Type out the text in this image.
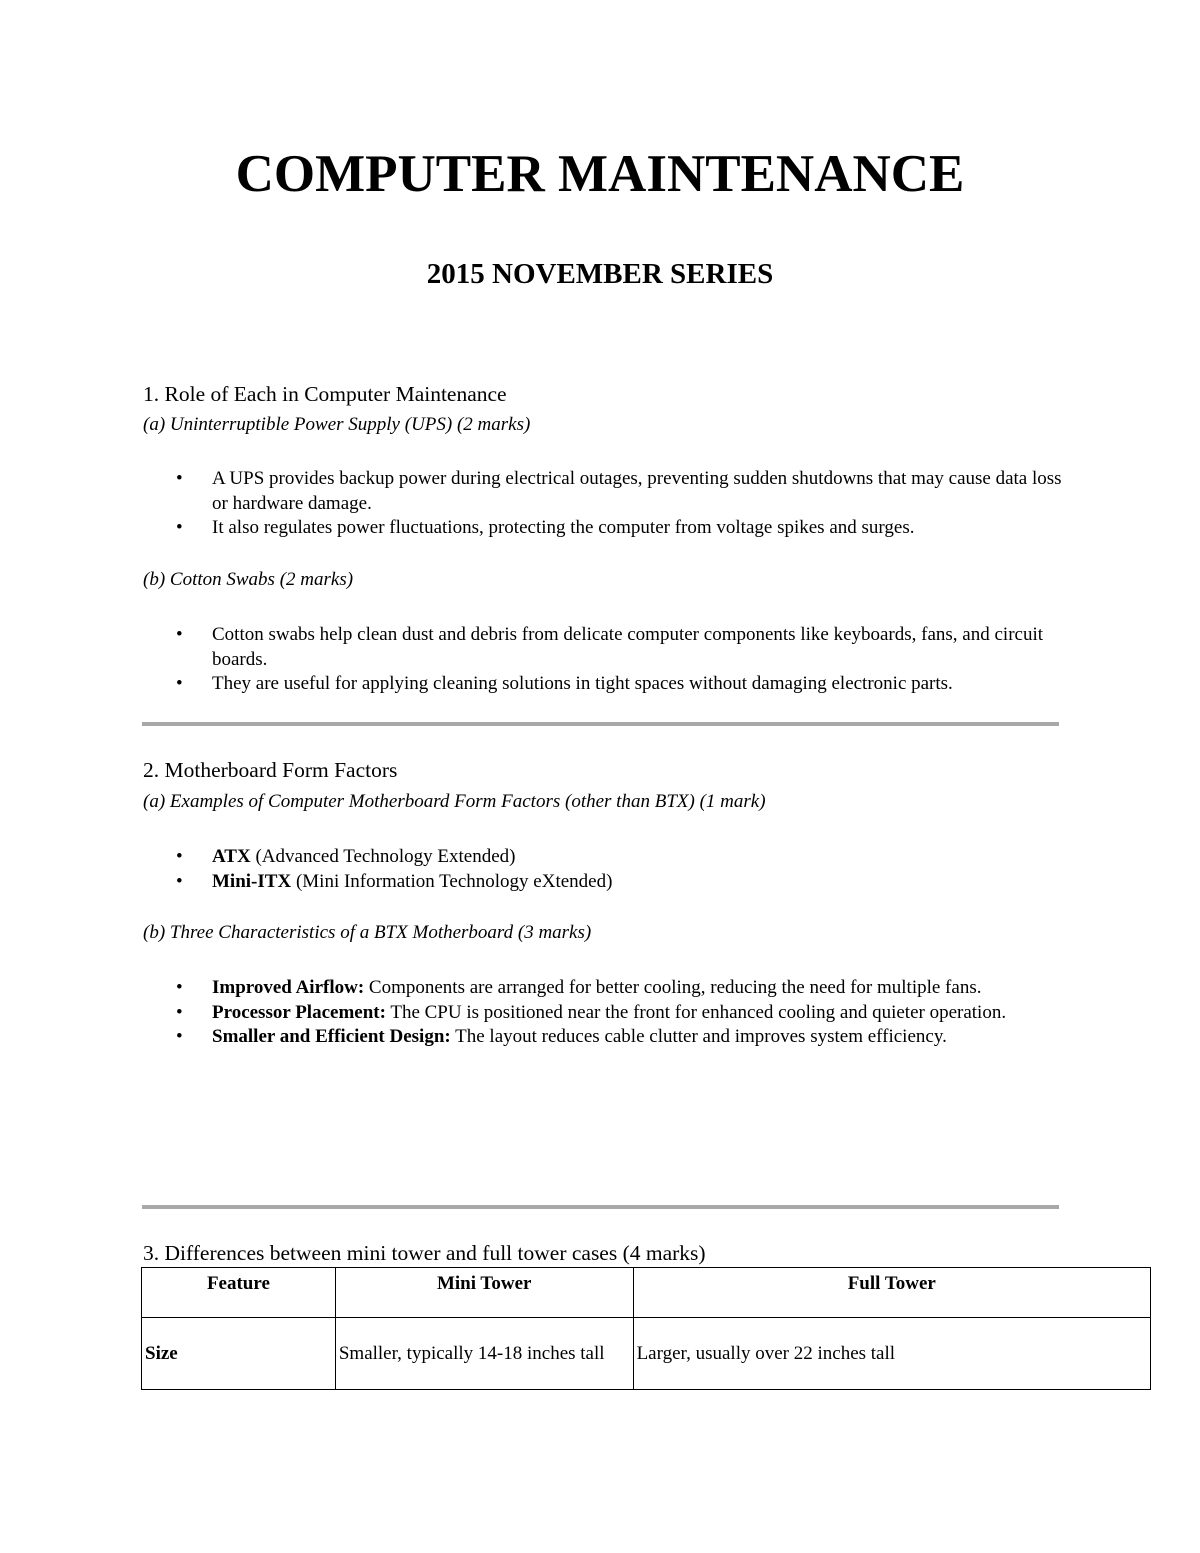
COMPUTER MAINTENANCE
2015 NOVEMBER SERIES
1. Role of Each in Computer Maintenance

(a) Uninterruptible Power Supply (UPS) (2 marks)

• A UPS provides backup power during electrical outages, preventing sudden shutdowns that may cause data loss or hardware damage.
• It also regulates power fluctuations, protecting the computer from voltage spikes and surges.

(b) Cotton Swabs (2 marks)

• Cotton swabs help clean dust and debris from delicate computer components like keyboards, fans, and circuit boards.
• They are useful for applying cleaning solutions in tight spaces without damaging electronic parts.
2. Motherboard Form Factors

(a) Examples of Computer Motherboard Form Factors (other than BTX) (1 mark)

• ATX (Advanced Technology Extended)
• Mini-ITX (Mini Information Technology eXtended)

(b) Three Characteristics of a BTX Motherboard (3 marks)

• Improved Airflow: Components are arranged for better cooling, reducing the need for multiple fans.
• Processor Placement: The CPU is positioned near the front for enhanced cooling and quieter operation.
• Smaller and Efficient Design: The layout reduces cable clutter and improves system efficiency.
3. Differences between mini tower and full tower cases (4 marks)
Feature	Mini Tower	Full Tower
Size	Smaller, typically 14-18 inches tall	Larger, usually over 22 inches tall
